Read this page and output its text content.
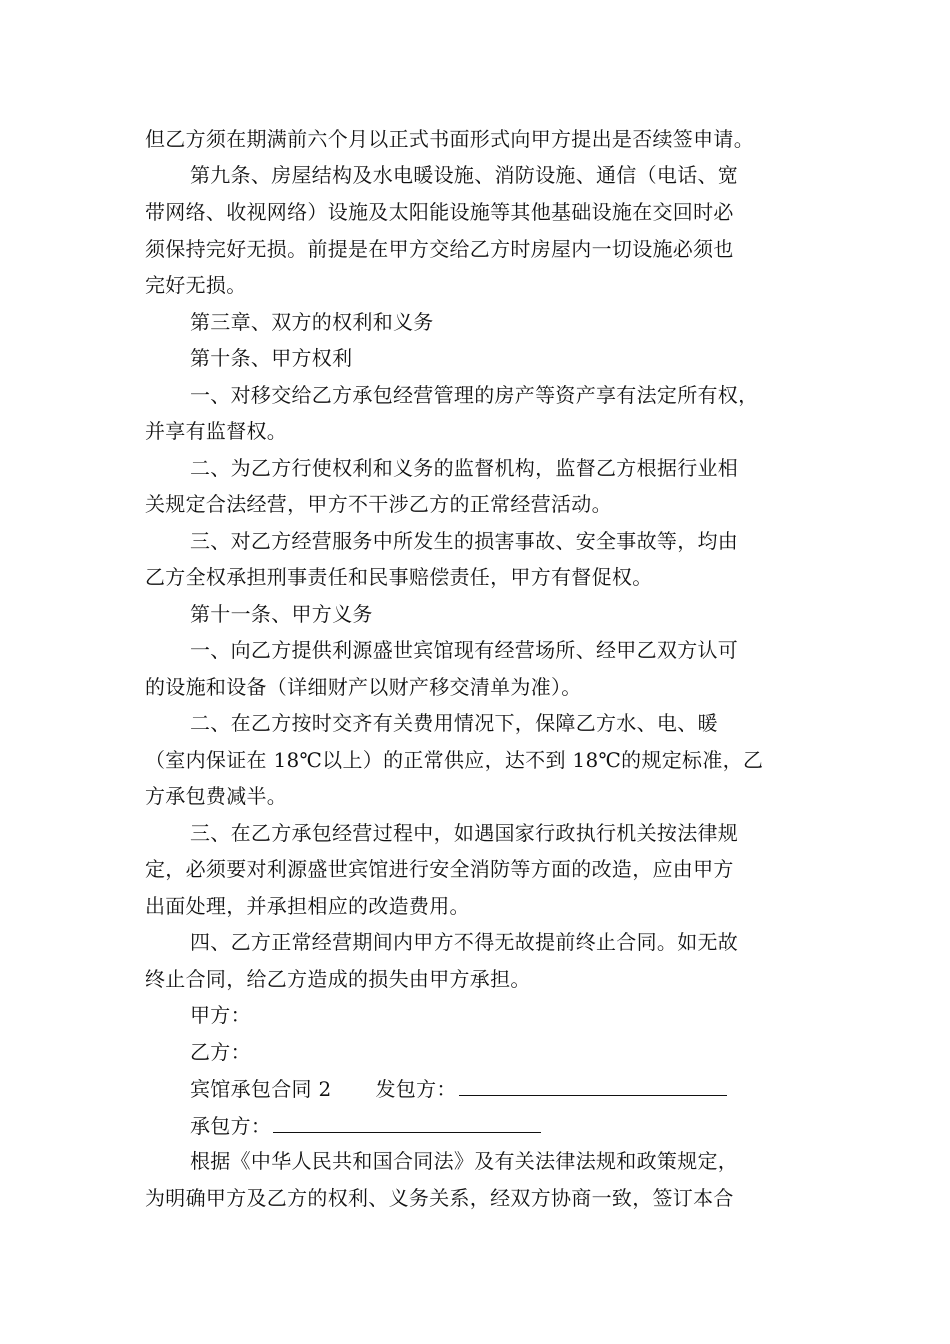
但乙方须在期满前六个月以正式书面形式向甲方提出是否续签申请。
第九条、房屋结构及水电暖设施、消防设施、通信（电话、宽
带网络、收视网络）设施及太阳能设施等其他基础设施在交回时必
须保持完好无损。前提是在甲方交给乙方时房屋内一切设施必须也
完好无损。
第三章、双方的权利和义务
第十条、甲方权利
一、对移交给乙方承包经营管理的房产等资产享有法定所有权，
并享有监督权。
二、为乙方行使权利和义务的监督机构，监督乙方根据行业相
关规定合法经营，甲方不干涉乙方的正常经营活动。
三、对乙方经营服务中所发生的损害事故、安全事故等，均由
乙方全权承担刑事责任和民事赔偿责任，甲方有督促权。
第十一条、甲方义务
一、向乙方提供利源盛世宾馆现有经营场所、经甲乙双方认可
的设施和设备（详细财产以财产移交清单为准）。
二、在乙方按时交齐有关费用情况下，保障乙方水、电、暖
（室内保证在 18℃以上）的正常供应，达不到 18℃的规定标准，乙
方承包费减半。
三、在乙方承包经营过程中，如遇国家行政执行机关按法律规
定，必须要对利源盛世宾馆进行安全消防等方面的改造，应由甲方
出面处理，并承担相应的改造费用。
四、乙方正常经营期间内甲方不得无故提前终止合同。如无故
终止合同，给乙方造成的损失由甲方承担。
甲方：
乙方：
宾馆承包合同 2 发包方：
承包方：
根据《中华人民共和国合同法》及有关法律法规和政策规定，
为明确甲方及乙方的权利、义务关系，经双方协商一致，签订本合
